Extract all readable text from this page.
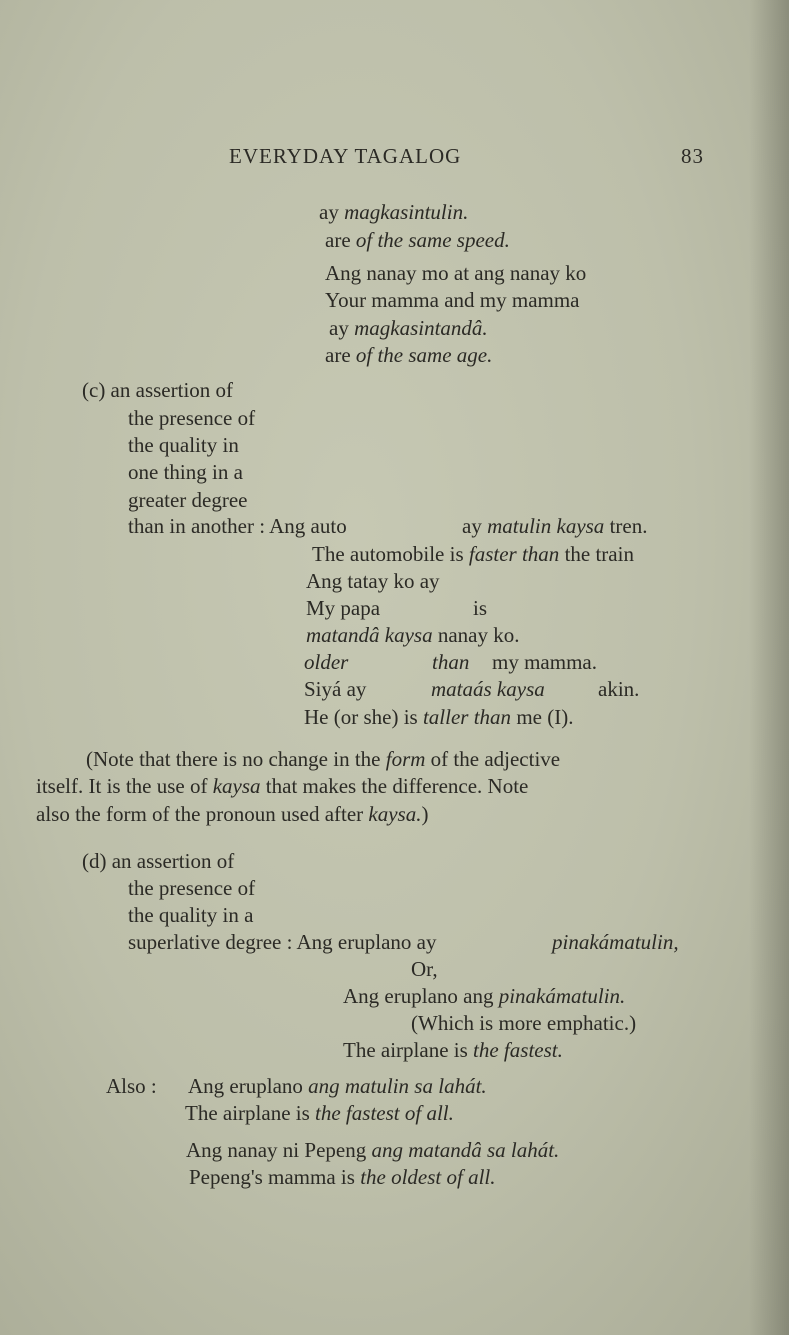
EVERYDAY TAGALOG	83
ay magkasintulin.
are of the same speed.
Ang nanay mo at ang nanay ko
Your mamma and my mamma
ay magkasintandâ.
are of the same age.
(c) an assertion of
the presence of
the quality in
one thing in a
greater degree
than in another : Ang auto	ay matulin kaysa tren.
The automobile is faster than the train
Ang tatay ko ay
My papa	is
matandâ kaysa nanay ko.
older	than my mamma.
Siyá ay	mataás kaysa	akin.
He (or she) is taller than me (I).
(Note that there is no change in the form of the adjective
itself. It is the use of kaysa that makes the difference. Note
also the form of the pronoun used after kaysa.)
(d) an assertion of
the presence of
the quality in a
superlative degree : Ang eruplano ay	pinakámatulin,
Or,
Ang eruplano ang pinakámatulin.
(Which is more emphatic.)
The airplane is the fastest.
Also : Ang eruplano ang matulin sa lahát.
The airplane is the fastest of all.
Ang nanay ni Pepeng ang matandâ sa lahát.
Pepeng's mamma is the oldest of all.
